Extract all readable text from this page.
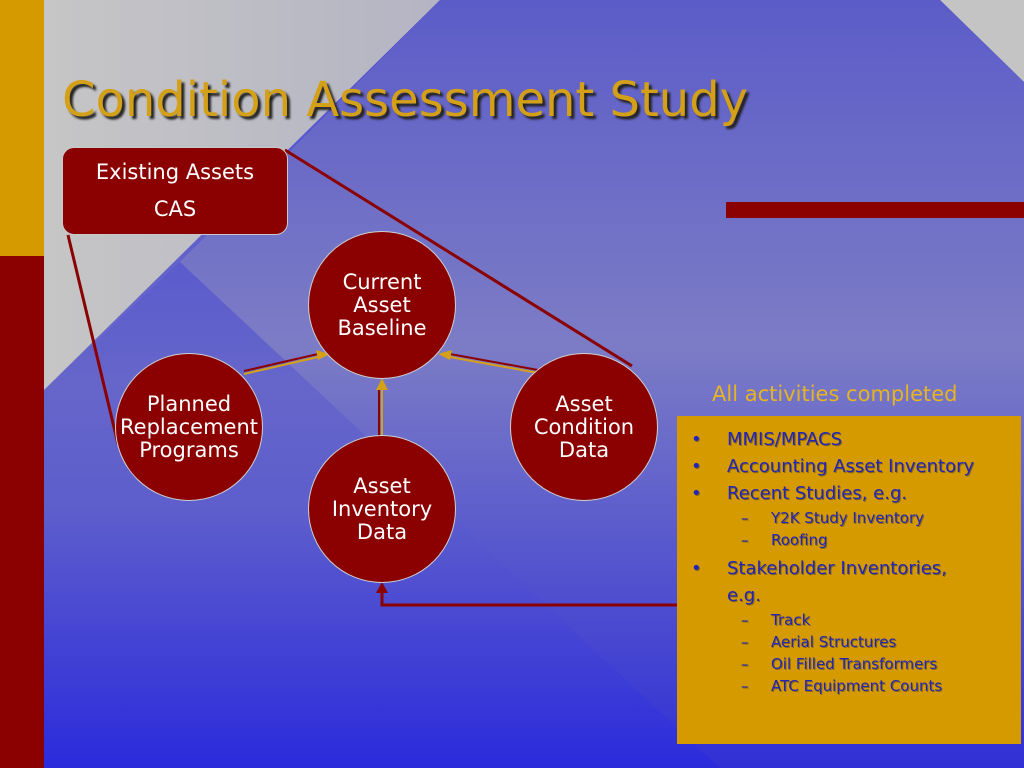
Condition Assessment Study
Existing Assets
CAS
Current
Asset
Baseline
Planned
Replacement
Programs
Asset
Condition
Data
Asset
Inventory
Data
All activities completed
• MMIS/MPACS
• Accounting Asset Inventory
• Recent Studies, e.g.
– Y2K Study Inventory
– Roofing
• Stakeholder Inventories,
e.g.
– Track
– Aerial Structures
– Oil Filled Transformers
– ATC Equipment Counts
